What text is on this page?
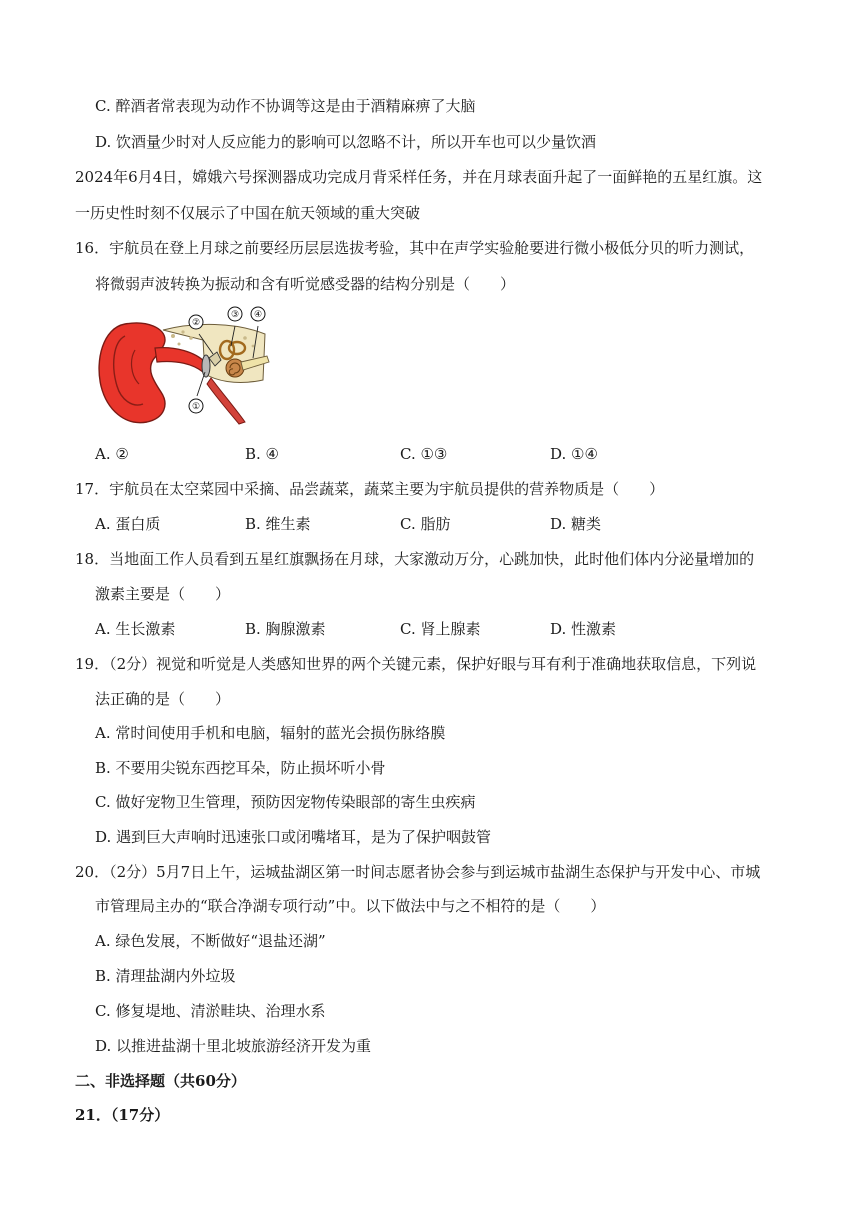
C. 醉酒者常表现为动作不协调等这是由于酒精麻痹了大脑
D. 饮酒量少时对人反应能力的影响可以忽略不计，所以开车也可以少量饮酒
2024年6月4日，嫦娥六号探测器成功完成月背采样任务，并在月球表面升起了一面鲜艳的五星红旗。这
一历史性时刻不仅展示了中国在航天领域的重大突破
16．宇航员在登上月球之前要经历层层选拔考验，其中在声学实验舱要进行微小极低分贝的听力测试，
将微弱声波转换为振动和含有听觉感受器的结构分别是（　　）
②
③ ④
①
A. ②	B. ④	C. ①③	D. ①④
17．宇航员在太空菜园中采摘、品尝蔬菜，蔬菜主要为宇航员提供的营养物质是（　　）
A. 蛋白质	B. 维生素	C. 脂肪	D. 糖类
18．当地面工作人员看到五星红旗飘扬在月球，大家激动万分，心跳加快，此时他们体内分泌量增加的
激素主要是（　　）
A. 生长激素	B. 胸腺激素	C. 肾上腺素	D. 性激素
19．（2分）视觉和听觉是人类感知世界的两个关键元素，保护好眼与耳有利于准确地获取信息，下列说
法正确的是（　　）
A. 常时间使用手机和电脑，辐射的蓝光会损伤脉络膜
B. 不要用尖锐东西挖耳朵，防止损坏听小骨
C. 做好宠物卫生管理，预防因宠物传染眼部的寄生虫疾病
D. 遇到巨大声响时迅速张口或闭嘴堵耳，是为了保护咽鼓管
20．（2分）5月7日上午，运城盐湖区第一时间志愿者协会参与到运城市盐湖生态保护与开发中心、市城
市管理局主办的“联合净湖专项行动”中。以下做法中与之不相符的是（　　）
A. 绿色发展，不断做好“退盐还湖”
B. 清理盐湖内外垃圾
C. 修复堤地、清淤畦块、治理水系
D. 以推进盐湖十里北坡旅游经济开发为重
二、非选择题（共60分）
21．（17分）
